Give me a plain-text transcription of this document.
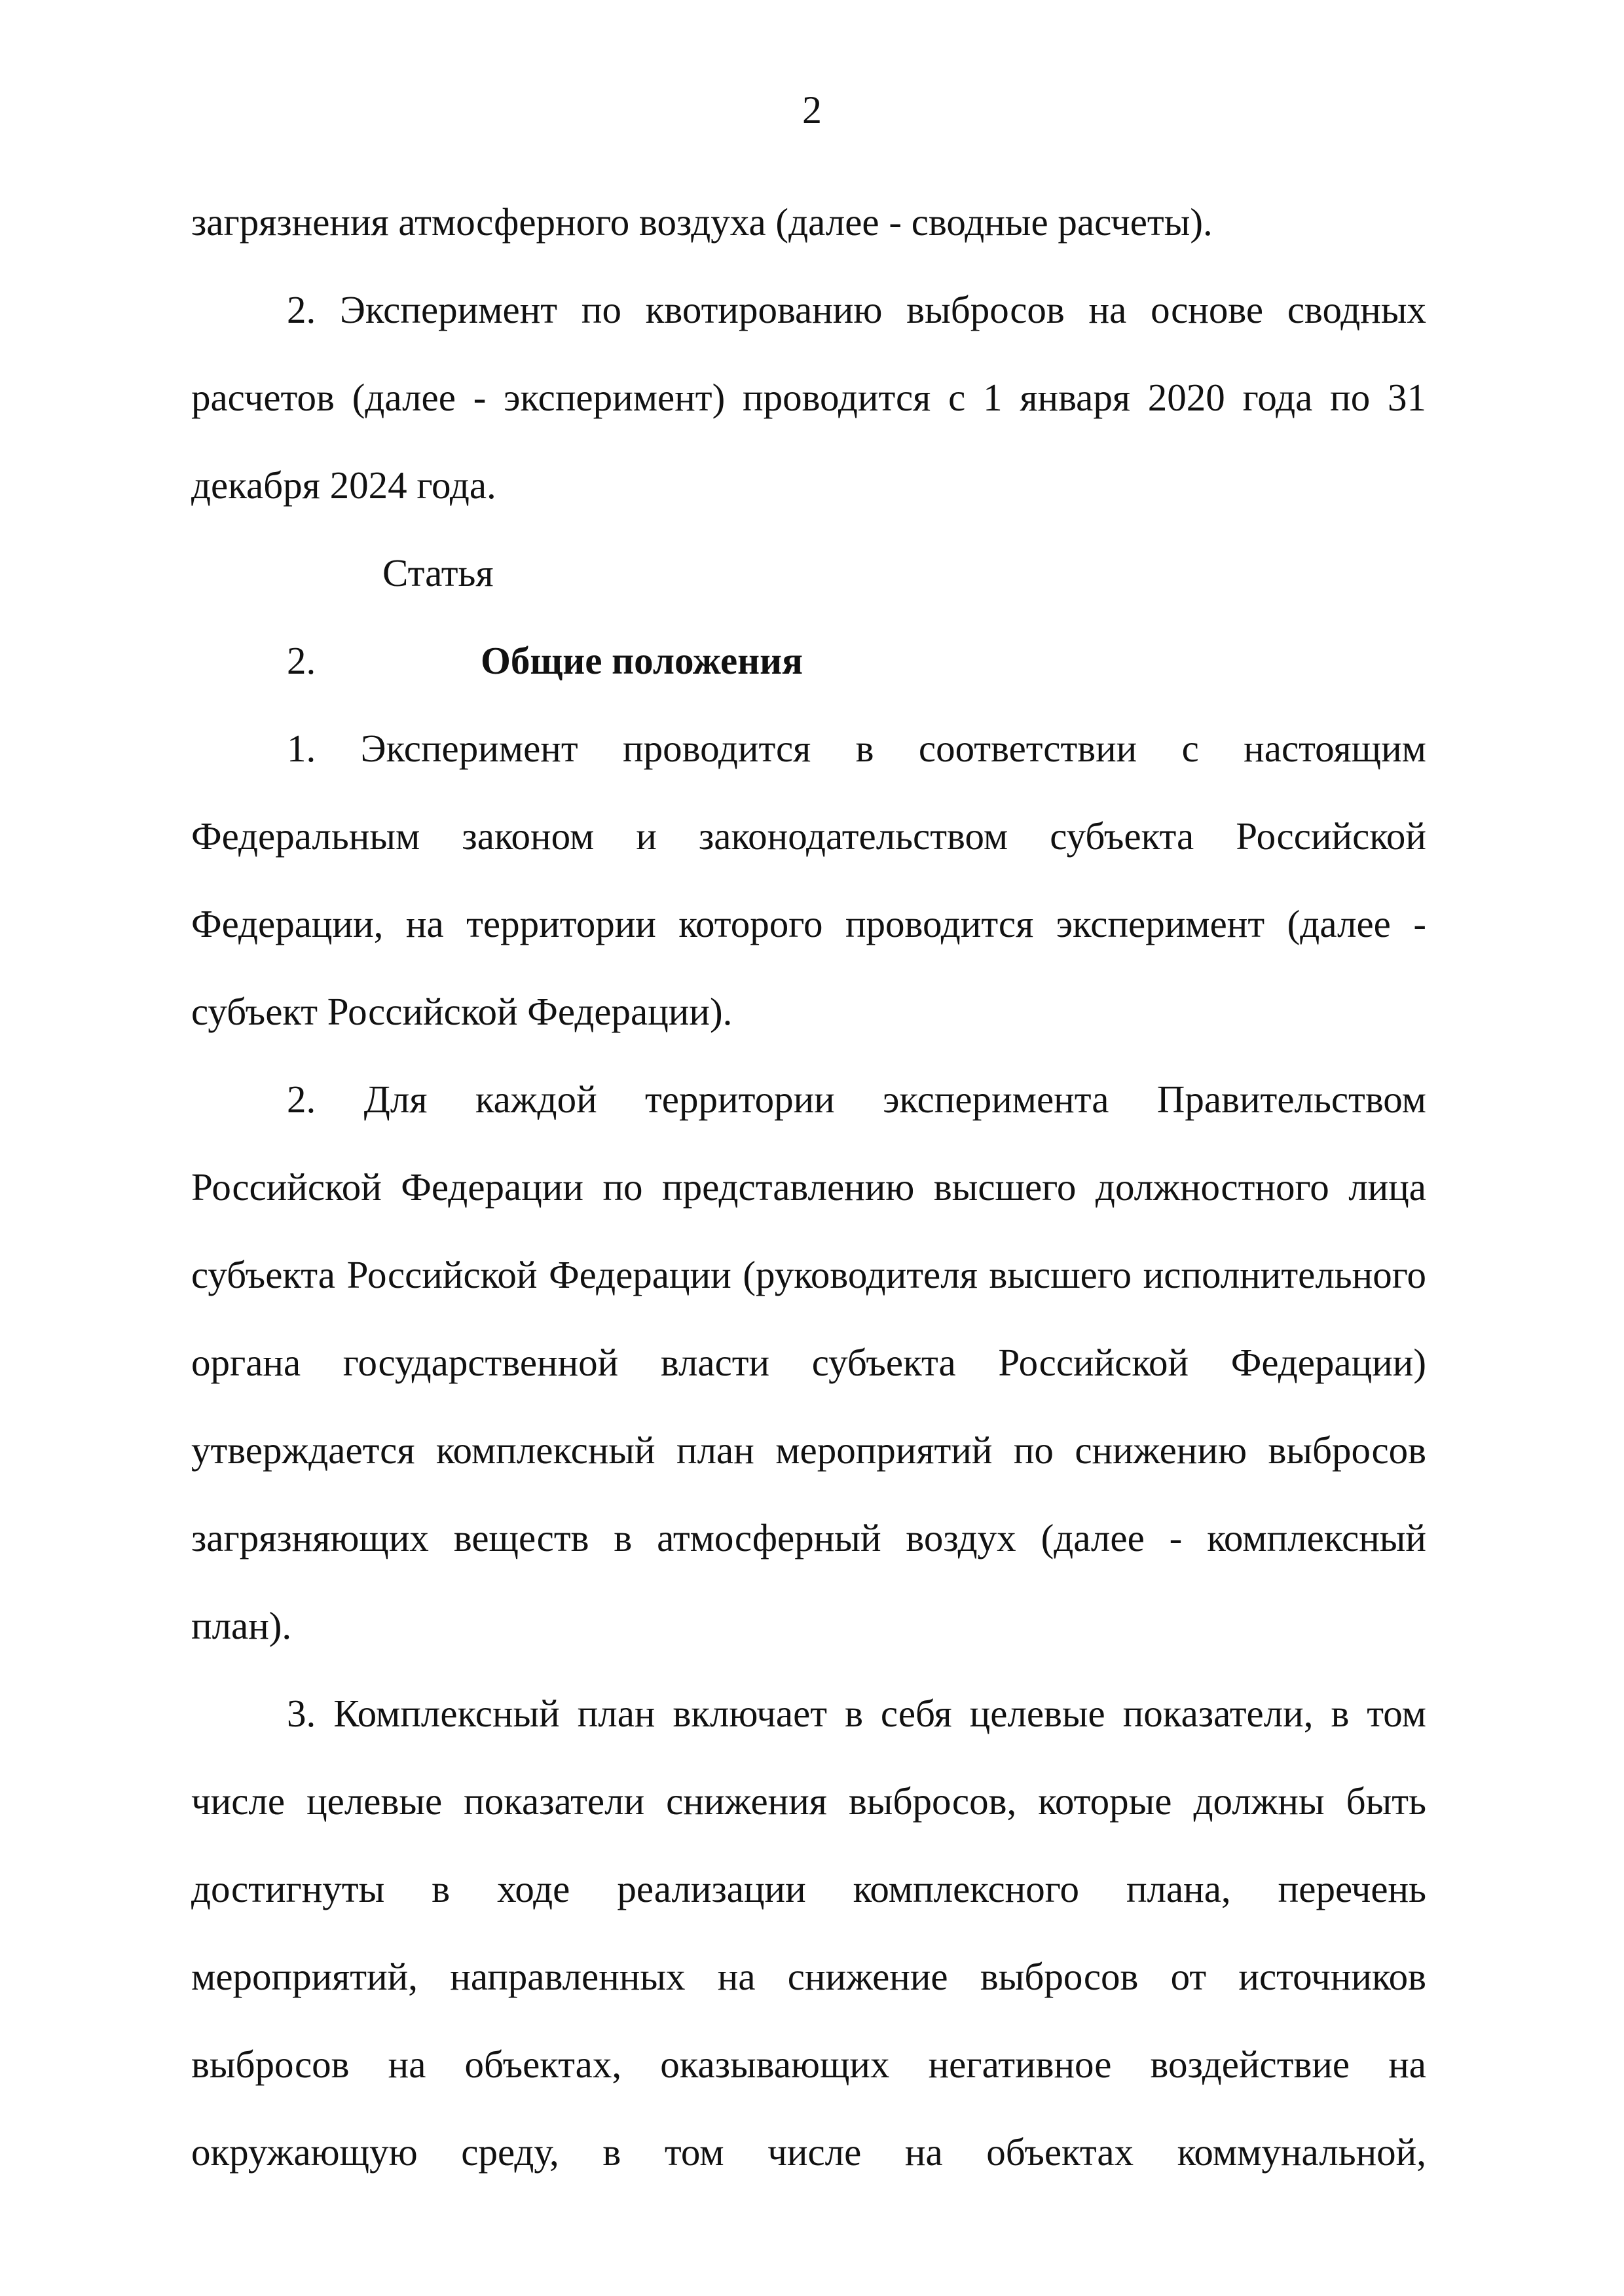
2

загрязнения атмосферного воздуха (далее - сводные расчеты).

2. Эксперимент по квотированию выбросов на основе сводных расчетов (далее - эксперимент) проводится с 1 января 2020 года по 31 декабря 2024 года.

Статья 2.	Общие положения

1. Эксперимент проводится в соответствии с настоящим Федеральным законом и законодательством субъекта Российской Федерации, на территории которого проводится эксперимент (далее - субъект Российской Федерации).

2. Для каждой территории эксперимента Правительством Российской Федерации по представлению высшего должностного лица субъекта Российской Федерации (руководителя высшего исполнительного органа государственной власти субъекта Российской Федерации) утверждается комплексный план мероприятий по снижению выбросов загрязняющих веществ в атмосферный воздух (далее - комплексный план).

3. Комплексный план включает в себя целевые показатели, в том числе целевые показатели снижения выбросов, которые должны быть достигнуты в ходе реализации комплексного плана, перечень мероприятий, направленных на снижение выбросов от источников выбросов на объектах, оказывающих негативное воздействие на окружающую среду, в том числе на объектах коммунальной,
